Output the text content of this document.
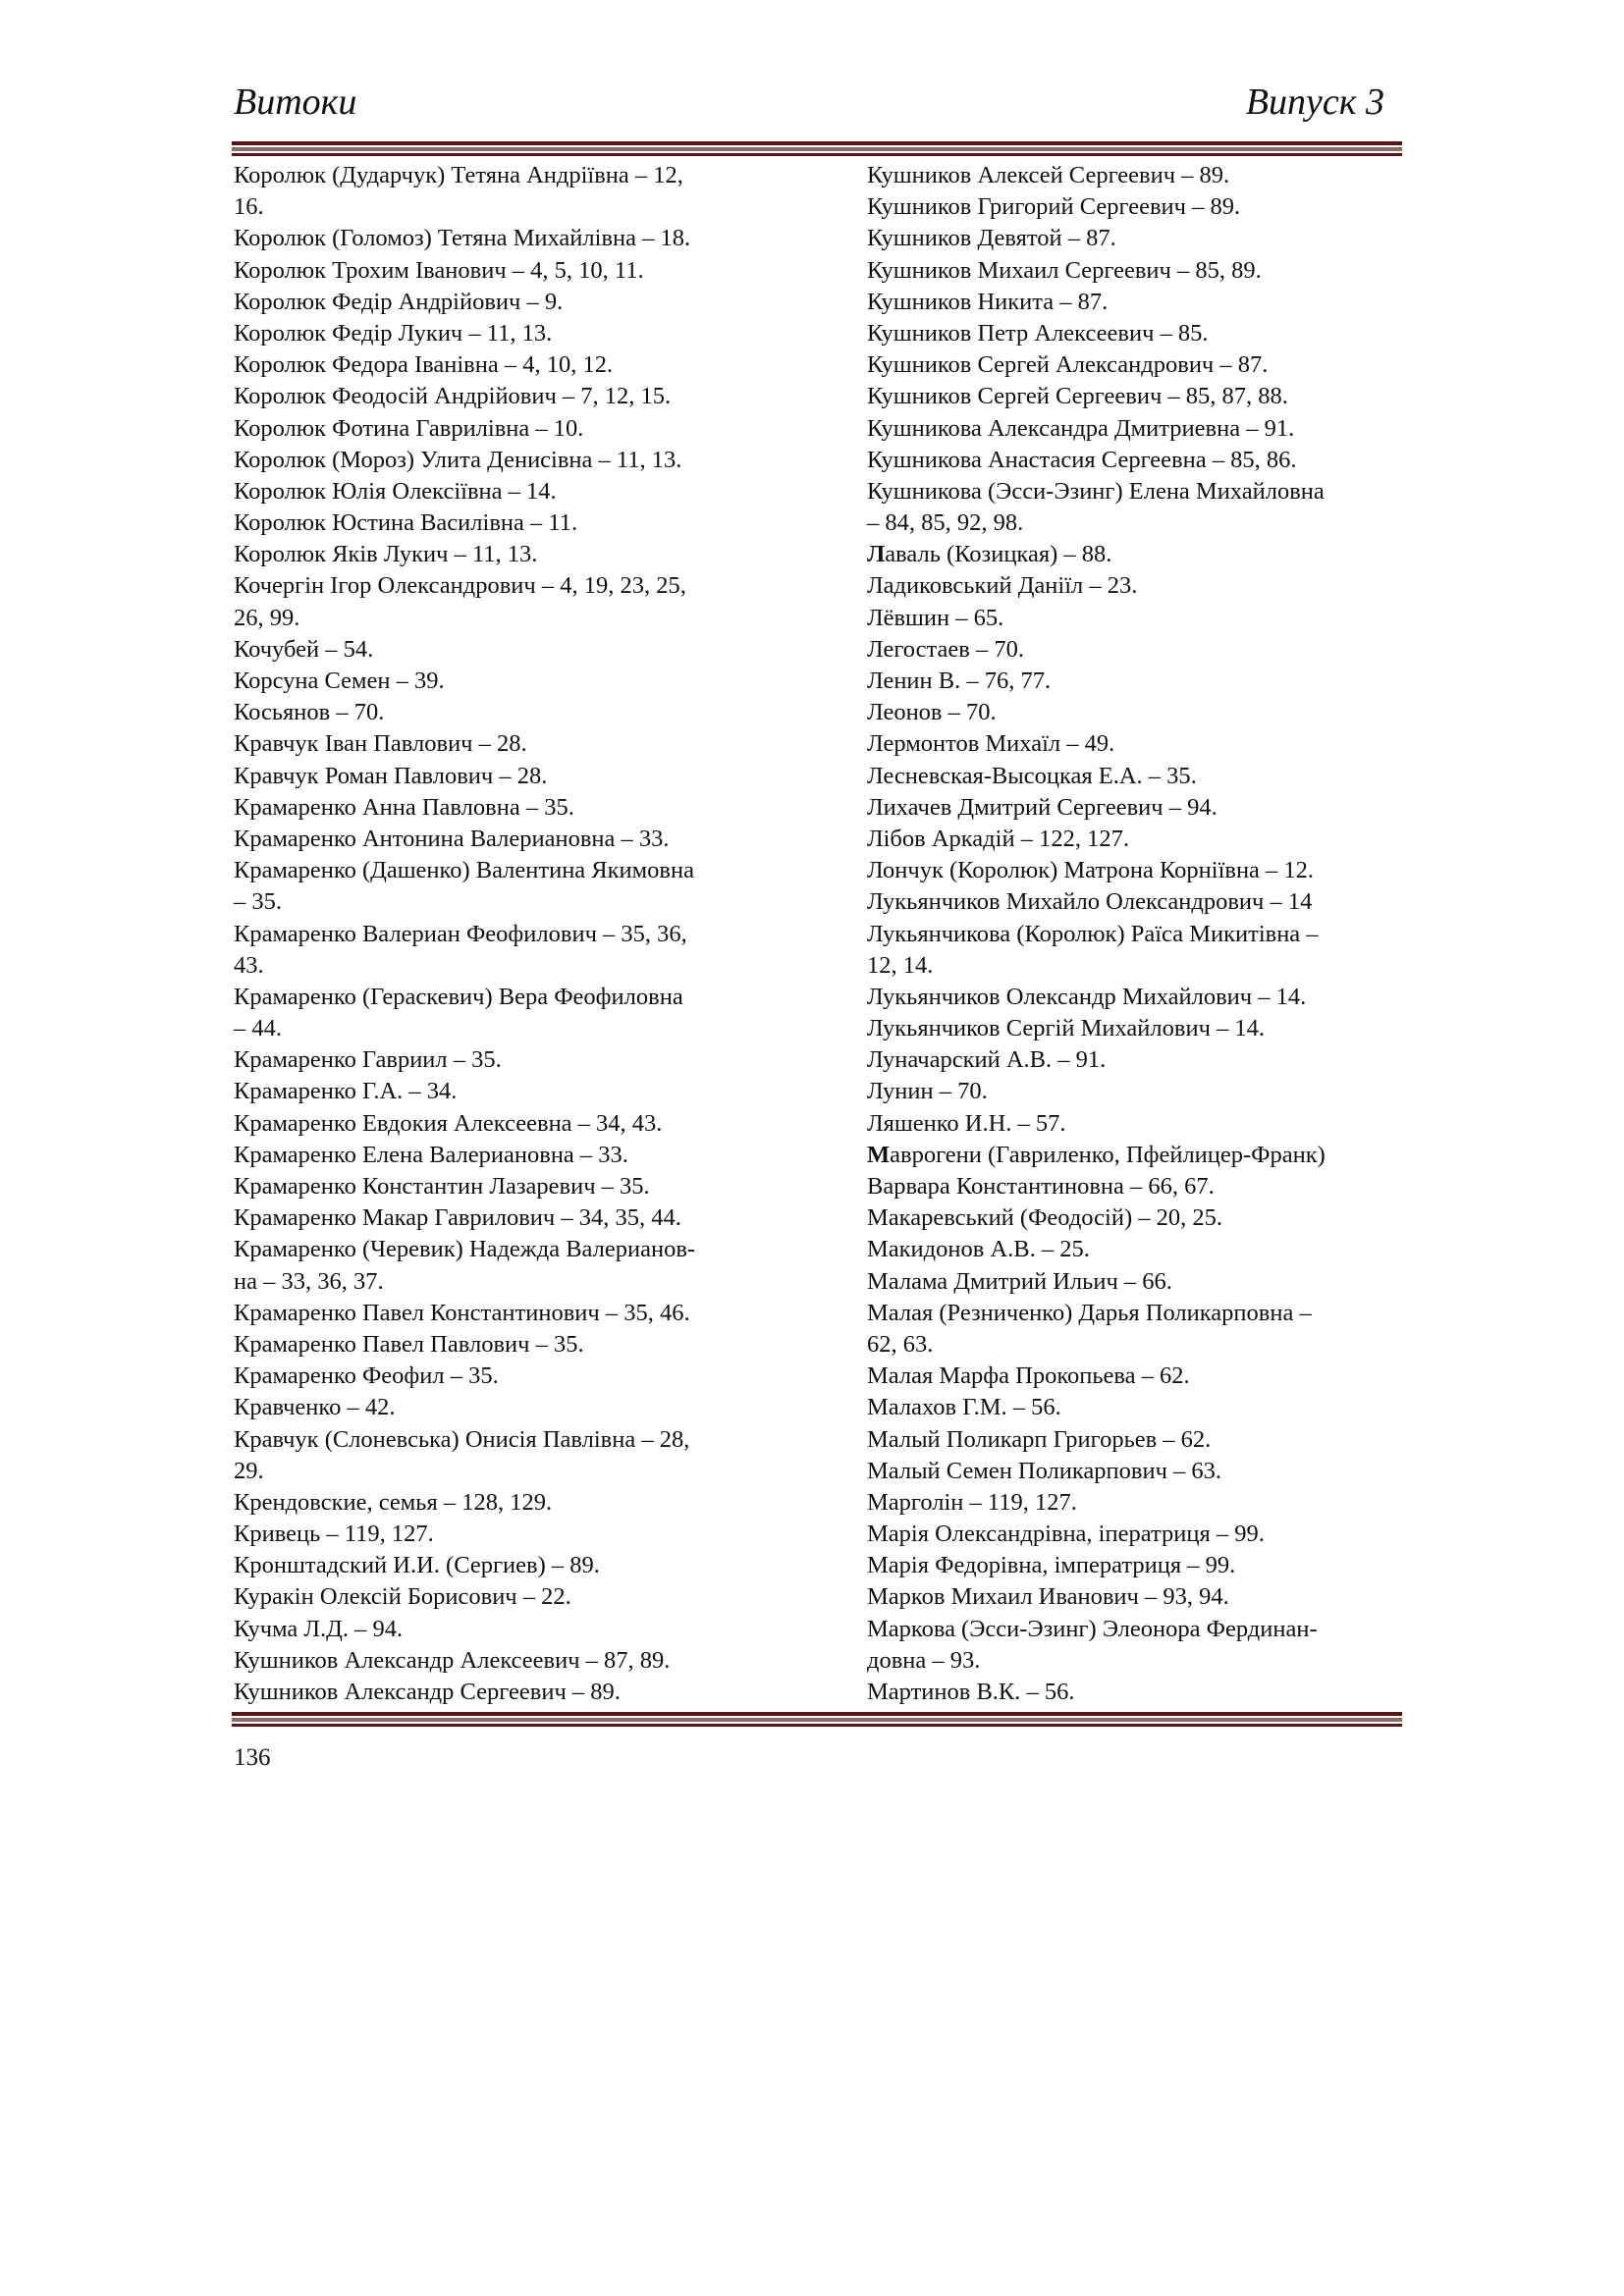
Витоки	Випуск 3
Королюк (Дударчук) Тетяна Андріївна – 12,
16.
Королюк (Голомоз) Тетяна Михайлівна – 18.
Королюк Трохим Іванович – 4, 5, 10, 11.
Королюк Федір Андрійович – 9.
Королюк Федір Лукич – 11, 13.
Королюк Федора Іванівна – 4, 10, 12.
Королюк Феодосій Андрійович – 7, 12, 15.
Королюк Фотина Гаврилівна – 10.
Королюк (Мороз) Улита Денисівна – 11, 13.
Королюк Юлія Олексіївна – 14.
Королюк Юстина Василівна – 11.
Королюк Яків Лукич – 11, 13.
Кочергін Ігор Олександрович – 4, 19, 23, 25,
26, 99.
Кочубей – 54.
Корсуна Семен – 39.
Косьянов – 70.
Кравчук Іван Павлович – 28.
Кравчук Роман Павлович – 28.
Крамаренко Анна Павловна – 35.
Крамаренко Антонина Валериановна – 33.
Крамаренко (Дашенко) Валентина Якимовна
– 35.
Крамаренко Валериан Феофилович – 35, 36,
43.
Крамаренко (Гераскевич) Вера Феофиловна
– 44.
Крамаренко Гавриил – 35.
Крамаренко Г.А. – 34.
Крамаренко Евдокия Алексеевна – 34, 43.
Крамаренко Елена Валериановна – 33.
Крамаренко Константин Лазаревич – 35.
Крамаренко Макар Гаврилович – 34, 35, 44.
Крамаренко (Черевик) Надежда Валерианов-
на – 33, 36, 37.
Крамаренко Павел Константинович – 35, 46.
Крамаренко Павел Павлович – 35.
Крамаренко Феофил – 35.
Кравченко – 42.
Кравчук (Слоневська) Онисія Павлівна – 28,
29.
Крендовские, семья – 128, 129.
Кривець – 119, 127.
Кронштадский И.И. (Сергиев) – 89.
Куракін Олексій Борисович – 22.
Кучма Л.Д. – 94.
Кушников Александр Алексеевич – 87, 89.
Кушников Александр Сергеевич – 89.
Кушников Алексей Сергеевич – 89.
Кушников Григорий Сергеевич – 89.
Кушников Девятой – 87.
Кушников Михаил Сергеевич – 85, 89.
Кушников Никита – 87.
Кушников Петр Алексеевич – 85.
Кушников Сергей Александрович – 87.
Кушников Сергей Сергеевич – 85, 87, 88.
Кушникова Александра Дмитриевна – 91.
Кушникова Анастасия Сергеевна – 85, 86.
Кушникова (Эсси-Эзинг) Елена Михайловна
– 84, 85, 92, 98.
Лаваль (Козицкая) – 88.
Ладиковський Даніїл – 23.
Лёвшин – 65.
Легостаев – 70.
Ленин В. – 76, 77.
Леонов – 70.
Лермонтов Михаїл – 49.
Лесневская-Высоцкая Е.А. – 35.
Лихачев Дмитрий Сергеевич – 94.
Лібов Аркадій – 122, 127.
Лончук (Королюк) Матрона Корніївна – 12.
Лукьянчиков Михайло Олександрович – 14
Лукьянчикова (Королюк) Раїса Микитівна –
12, 14.
Лукьянчиков Олександр Михайлович – 14.
Лукьянчиков Сергій Михайлович – 14.
Луначарский А.В. – 91.
Лунин – 70.
Ляшенко И.Н. – 57.
Маврогени (Гавриленко, Пфейлицер-Франк)
Варвара Константиновна – 66, 67.
Макаревський (Феодосій) – 20, 25.
Макидонов А.В. – 25.
Малама Дмитрий Ильич – 66.
Малая (Резниченко) Дарья Поликарповна –
62, 63.
Малая Марфа Прокопьева – 62.
Малахов Г.М. – 56.
Малый Поликарп Григорьев – 62.
Малый Семен Поликарпович – 63.
Марголін – 119, 127.
Марія Олександрівна, іпеpатриця – 99.
Марія Федорівна, імператриця – 99.
Марков Михаил Иванович – 93, 94.
Маркова (Эсси-Эзинг) Элеонора Фердинан-
довна – 93.
Мартинов В.К. – 56.
136
